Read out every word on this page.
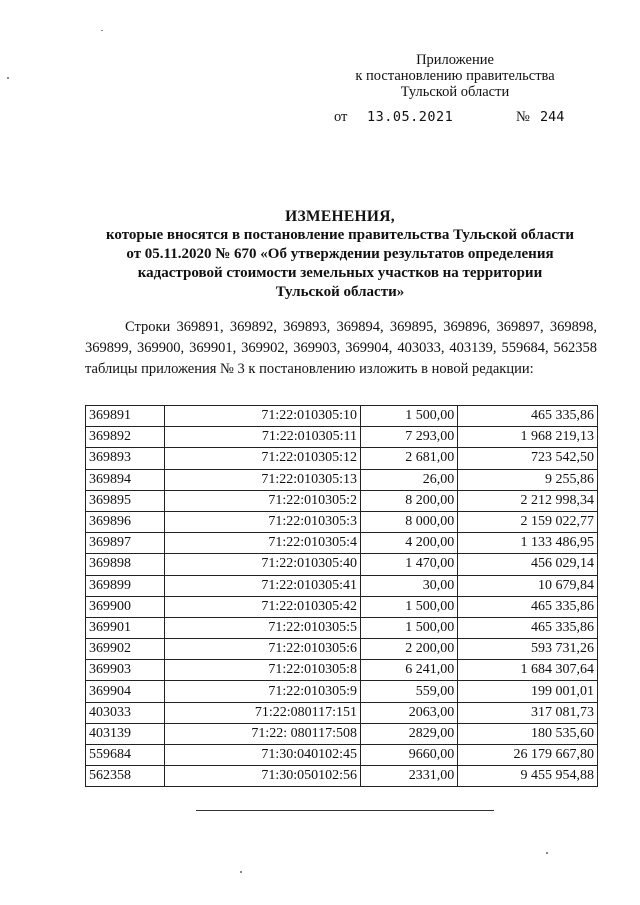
Приложение
к постановлению правительства
Тульской области
от 13.05.2021	№ 244
ИЗМЕНЕНИЯ,
которые вносятся в постановление правительства Тульской области
от 05.11.2020 № 670 «Об утверждении результатов определения
кадастровой стоимости земельных участков на территории
Тульской области»
Строки 369891, 369892, 369893, 369894, 369895, 369896, 369897, 369898, 369899, 369900, 369901, 369902, 369903, 369904, 403033, 403139, 559684, 562358 таблицы приложения № 3 к постановлению изложить в новой редакции:
369891	71:22:010305:10	1 500,00	465 335,86
369892	71:22:010305:11	7 293,00	1 968 219,13
369893	71:22:010305:12	2 681,00	723 542,50
369894	71:22:010305:13	26,00	9 255,86
369895	71:22:010305:2	8 200,00	2 212 998,34
369896	71:22:010305:3	8 000,00	2 159 022,77
369897	71:22:010305:4	4 200,00	1 133 486,95
369898	71:22:010305:40	1 470,00	456 029,14
369899	71:22:010305:41	30,00	10 679,84
369900	71:22:010305:42	1 500,00	465 335,86
369901	71:22:010305:5	1 500,00	465 335,86
369902	71:22:010305:6	2 200,00	593 731,26
369903	71:22:010305:8	6 241,00	1 684 307,64
369904	71:22:010305:9	559,00	199 001,01
403033	71:22:080117:151	2063,00	317 081,73
403139	71:22: 080117:508	2829,00	180 535,60
559684	71:30:040102:45	9660,00	26 179 667,80
562358	71:30:050102:56	2331,00	9 455 954,88
